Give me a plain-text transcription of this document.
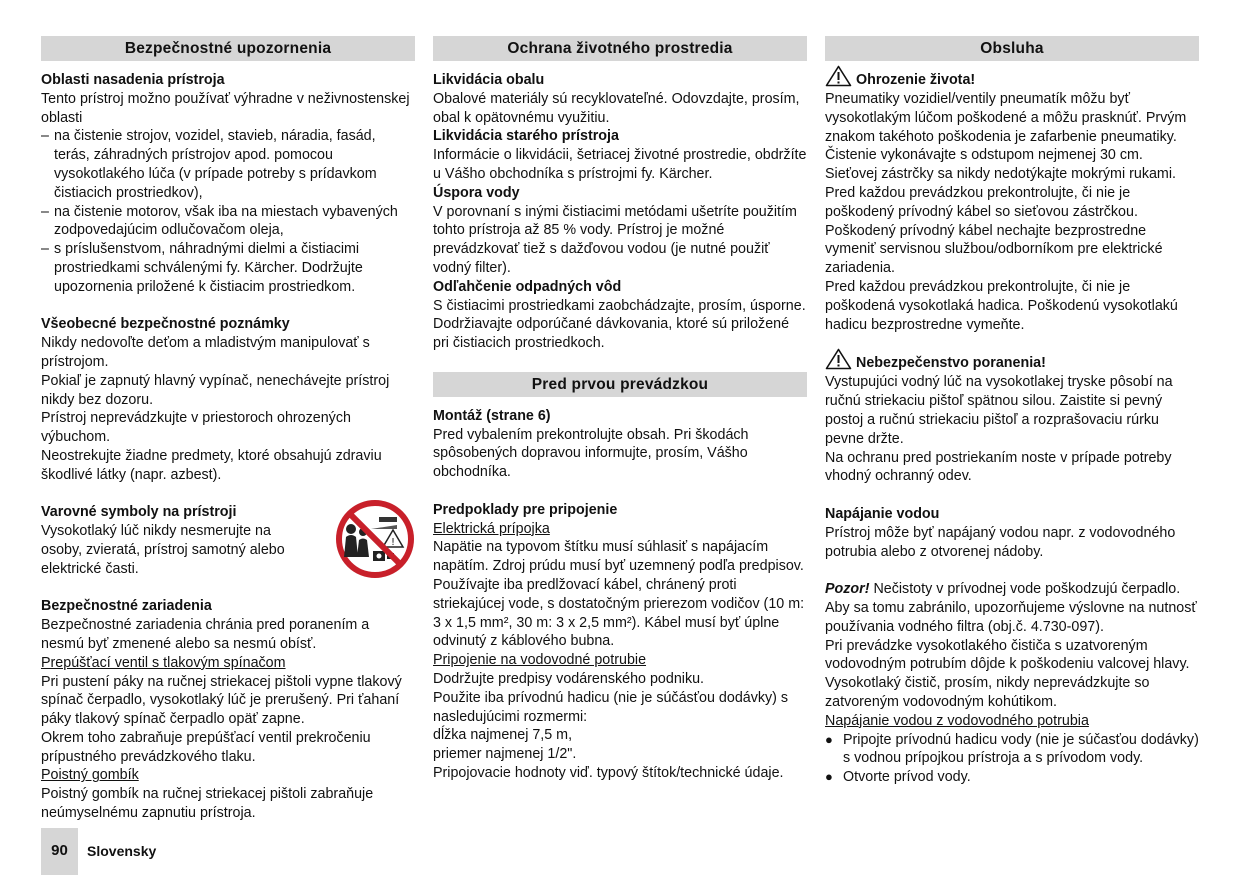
Bezpečnostné upozornenia
Oblasti nasadenia prístroja
Tento prístroj možno používať výhradne v neživnostenskej oblasti
– na čistenie strojov, vozidel, stavieb, náradia, fasád, terás, záhradných prístrojov apod. pomocou vysokotlakého lúča (v prípade potreby s prídavkom čistiacich prostriedkov),
– na čistenie motorov, však iba na miestach vybavených zodpovedajúcim odlučovačom oleja,
– s príslušenstvom, náhradnými dielmi a čistiacimi prostriedkami schválenými fy. Kärcher. Dodržujte upozornenia priložené k čistiacim prostriedkom.
Všeobecné bezpečnostné poznámky
Nikdy nedovoľte deťom a mladistvým manipulovať s prístrojom.
Pokiaľ je zapnutý hlavný vypínač, nenechávejte prístroj nikdy bez dozoru.
Prístroj neprevádzkujte v priestoroch ohrozených výbuchom.
Neostrekujte žiadne predmety, ktoré obsahujú zdraviu škodlivé látky (napr. azbest).
Varovné symboly na prístroji
Vysokotlaký lúč nikdy nesmerujte na osoby, zvieratá, prístroj samotný alebo elektrické časti.
!
Bezpečnostné zariadenia
Bezpečnostné zariadenia chránia pred poranením a nesmú byť zmenené alebo sa nesmú obísť.
Prepúšťací ventil s tlakovým spínačom
Pri pustení páky na ručnej striekacej pištoli vypne tlakový spínač čerpadlo, vysokotlaký lúč je prerušený. Pri ťahaní páky tlakový spínač čerpadlo opäť zapne.
Okrem toho zabraňuje prepúšťací ventil prekročeniu prípustného prevádzkového tlaku.
Poistný gombík
Poistný gombík na ručnej striekacej pištoli zabraňuje neúmyselnému zapnutiu prístroja.
Ochrana životného prostredia
Likvidácia obalu
Obalové materiály sú recyklovateľné. Odovzdajte, prosím, obal k opätovnému využitiu.
Likvidácia starého prístroja
Informácie o likvidácii, šetriacej životné prostredie, obdržíte u Vášho obchodníka s prístrojmi fy. Kärcher.
Úspora vody
V porovnaní s inými čistiacimi metódami ušetríte použitím tohto prístroja až 85 % vody. Prístroj je možné prevádzkovať tiež s dažďovou vodou (je nutné použiť vodný filter).
Odľahčenie odpadných vôd
S čistiacimi prostriedkami zaobchádzajte, prosím, úsporne. Dodržiavajte odporúčané dávkovania, ktoré sú priložené pri čistiacich prostriedkoch.
Pred prvou prevádzkou
Montáž (strane 6)
Pred vybalením prekontrolujte obsah. Pri škodách spôsobených dopravou informujte, prosím, Vášho obchodníka.
Predpoklady pre pripojenie
Elektrická prípojka
Napätie na typovom štítku musí súhlasiť s napájacím napätím. Zdroj prúdu musí byť uzemnený podľa predpisov.
Používajte iba predlžovací kábel, chránený proti striekajúcej vode, s dostatočným prierezom vodičov (10 m: 3 x 1,5 mm², 30 m: 3 x 2,5 mm²). Kábel musí byť úplne odvinutý z káblového bubna.
Pripojenie na vodovodné potrubie
Dodržujte predpisy vodárenského podniku.
Použite iba prívodnú hadicu (nie je súčásťou dodávky) s nasledujúcimi rozmermi:
dĺžka najmenej 7,5 m,
priemer najmenej 1/2".
Pripojovacie hodnoty viď. typový štítok/technické údaje.
Obsluha
Ohrozenie života!
Pneumatiky vozidiel/ventily pneumatík môžu byť vysokotlakým lúčom poškodené a môžu prasknúť. Prvým znakom takéhoto poškodenia je zafarbenie pneumatiky. Čistenie vykonávajte s odstupom nejmenej 30 cm.
Sieťovej zástrčky sa nikdy nedotýkajte mokrými rukami. Pred každou prevádzkou prekontrolujte, či nie je poškodený prívodný kábel so sieťovou zástrčkou. Poškodený prívodný kábel nechajte bezprostredne vymeniť servisnou službou/odborníkom pre elektrické zariadenia.
Pred každou prevádzkou prekontrolujte, či nie je poškodená vysokotlaká hadica. Poškodenú vysokotlakú hadicu bezprostredne vymeňte.
Nebezpečenstvo poranenia!
Vystupujúci vodný lúč na vysokotlakej tryske pôsobí na ručnú striekaciu pištoľ spätnou silou. Zaistite si pevný postoj a ručnú striekaciu pištoľ a rozprašovaciu rúrku pevne držte.
Na ochranu pred postriekaním noste v prípade potreby vhodný ochranný odev.
Napájanie vodou
Prístroj môže byť napájaný vodou napr. z vodovodného potrubia alebo z otvorenej nádoby.
Pozor! Nečistoty v prívodnej vode poškodzujú čerpadlo. Aby sa tomu zabránilo, upozorňujeme výslovne na nutnosť používania vodného filtra (obj.č. 4.730-097).
Pri prevádzke vysokotlakého čističa s uzatvoreným vodovodným potrubím dôjde k poškodeniu valcovej hlavy. Vysokotlaký čistič, prosím, nikdy neprevádzkujte so zatvoreným vodovodným kohútikom.
Napájanie vodou z vodovodného potrubia
● Pripojte prívodnú hadicu vody (nie je súčasťou dodávky) s vodnou prípojkou prístroja a s prívodom vody.
● Otvorte prívod vody.
90	Slovensky
